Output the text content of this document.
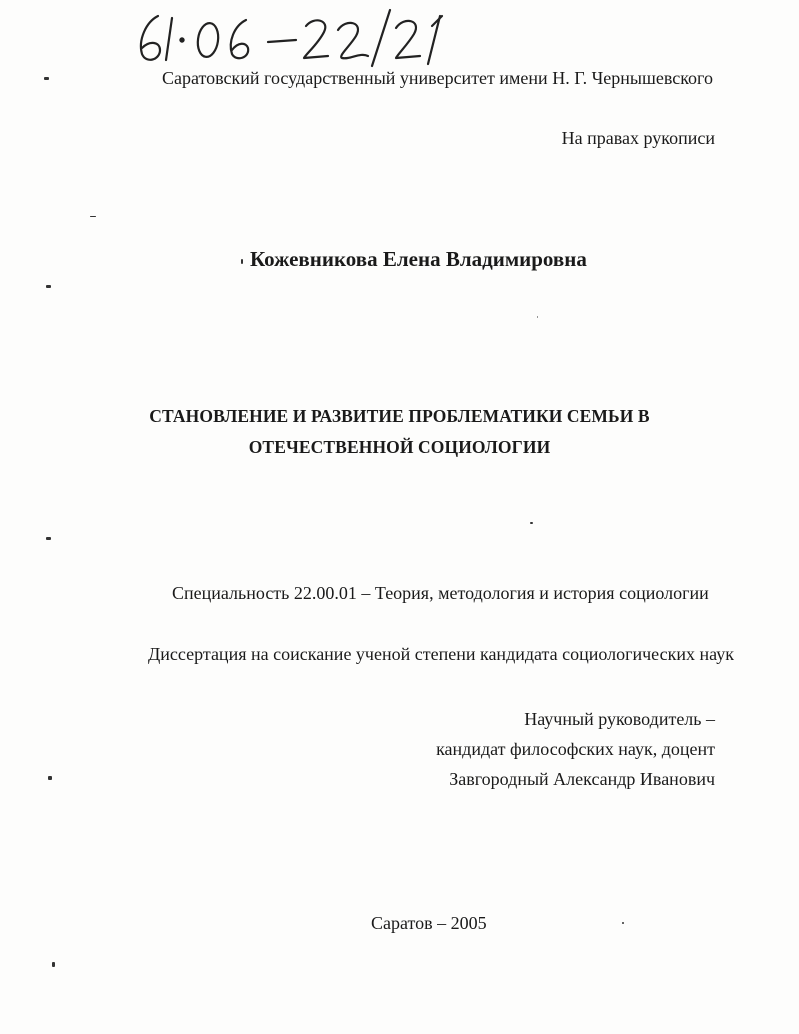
Саратовский государственный университет имени Н. Г. Чернышевского
На правах рукописи
Кожевникова Елена Владимировна
СТАНОВЛЕНИЕ И РАЗВИТИЕ ПРОБЛЕМАТИКИ СЕМЬИ В
ОТЕЧЕСТВЕННОЙ СОЦИОЛОГИИ
Специальность 22.00.01 – Теория, методология и история социологии
Диссертация на соискание ученой степени кандидата социологических наук
Научный руководитель –
кандидат философских наук, доцент
Завгородный Александр Иванович
Саратов – 2005
